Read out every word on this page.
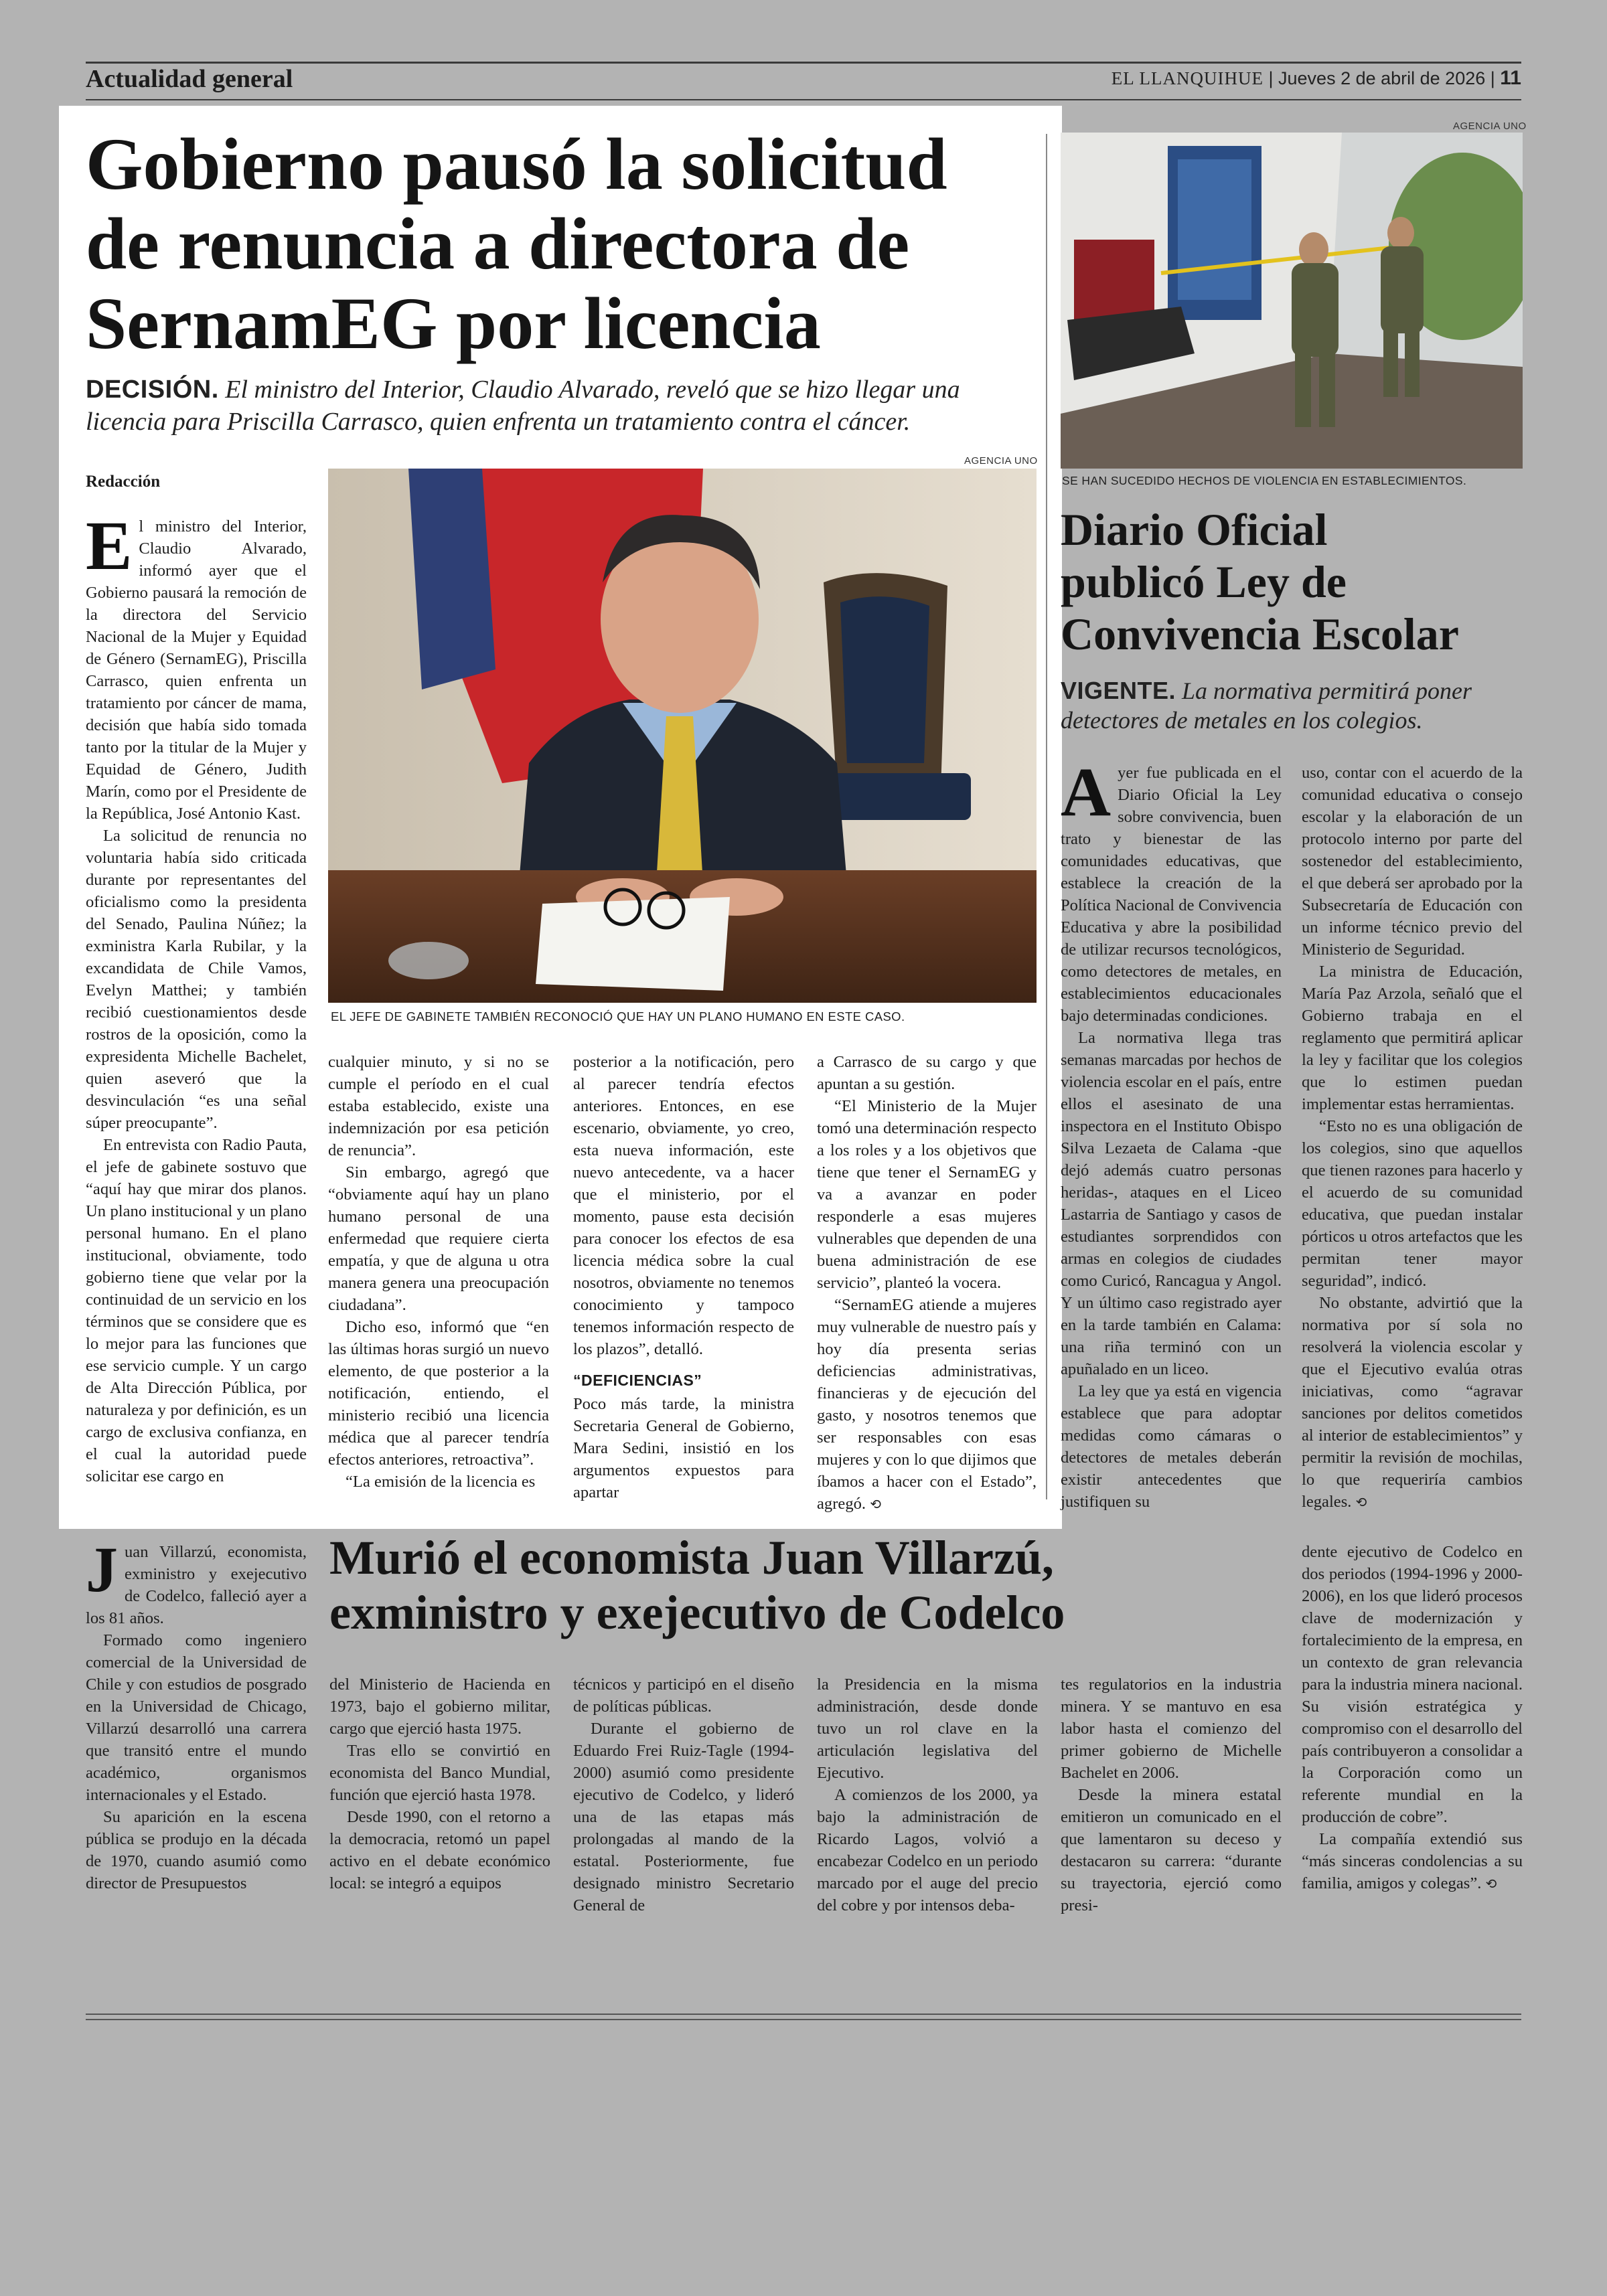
Actualidad general	EL LLANQUIHUE | Jueves 2 de abril de 2026 | 11
Gobierno pausó la solicitud
de renuncia a directora de
SernamEG por licencia
DECISIÓN. El ministro del Interior, Claudio Alvarado, reveló que se hizo llegar una
licencia para Priscilla Carrasco, quien enfrenta un tratamiento contra el cáncer.
Redacción
AGENCIA UNO
EL JEFE DE GABINETE TAMBIÉN RECONOCIÓ QUE HAY UN PLANO HUMANO EN ESTE CASO.

El ministro del Interior, Claudio Alvarado, informó ayer que el Gobierno pausará la remoción de la directora del Servicio Nacional de la Mujer y Equidad de Género (SernamEG), Priscilla Carrasco, quien enfrenta un tratamiento por cáncer de mama, decisión que había sido tomada tanto por la titular de la Mujer y Equidad de Género, Judith Marín, como por el Presidente de la República, José Antonio Kast.

La solicitud de renuncia no voluntaria había sido criticada durante por representantes del oficialismo como la presidenta del Senado, Paulina Núñez; la exministra Karla Rubilar, y la excandidata de Chile Vamos, Evelyn Matthei; y también recibió cuestionamientos desde rostros de la oposición, como la expresidenta Michelle Bachelet, quien aseveró que la desvinculación “es una señal súper preocupante”.

En entrevista con Radio Pauta, el jefe de gabinete sostuvo que “aquí hay que mirar dos planos. Un plano institucional y un plano personal humano. En el plano institucional, obviamente, todo gobierno tiene que velar por la continuidad de un servicio en los términos que se considere que es lo mejor para las funciones que ese servicio cumple. Y un cargo de Alta Dirección Pública, por naturaleza y por definición, es un cargo de exclusiva confianza, en el cual la autoridad puede solicitar ese cargo en

cualquier minuto, y si no se cumple el período en el cual estaba establecido, existe una indemnización por esa petición de renuncia”.

Sin embargo, agregó que “obviamente aquí hay un plano humano personal de una enfermedad que requiere cierta empatía, y que de alguna u otra manera genera una preocupación ciudadana”.

Dicho eso, informó que “en las últimas horas surgió un nuevo elemento, de que posterior a la notificación, entiendo, el ministerio recibió una licencia médica que al parecer tendría efectos anteriores, retroactiva”.

“La emisión de la licencia es

posterior a la notificación, pero al parecer tendría efectos anteriores. Entonces, en ese escenario, obviamente, yo creo, esta nueva información, este nuevo antecedente, va a hacer que el ministerio, por el momento, pause esta decisión para conocer los efectos de esa licencia médica sobre la cual nosotros, obviamente no tenemos conocimiento y tampoco tenemos información respecto de los plazos”, detalló.

“DEFICIENCIAS”

Poco más tarde, la ministra Secretaria General de Gobierno, Mara Sedini, insistió en los argumentos expuestos para apartar

a Carrasco de su cargo y que apuntan a su gestión.

“El Ministerio de la Mujer tomó una determinación respecto a los roles y a los objetivos que tiene que tener el SernamEG y va a avanzar en poder responderle a esas mujeres vulnerables que dependen de una buena administración de ese servicio”, planteó la vocera.

“SernamEG atiende a mujeres muy vulnerable de nuestro país y hoy día presenta serias deficiencias administrativas, financieras y de ejecución del gasto, y nosotros tenemos que ser responsables con esas mujeres y con lo que dijimos que íbamos a hacer con el Estado”, agregó. ⟲

AGENCIA UNO
SE HAN SUCEDIDO HECHOS DE VIOLENCIA EN ESTABLECIMIENTOS.
Diario Oficial
publicó Ley de
Convivencia Escolar
VIGENTE. La normativa permitirá poner
detectores de metales en los colegios.

Ayer fue publicada en el Diario Oficial la Ley sobre convivencia, buen trato y bienestar de las comunidades educativas, que establece la creación de la Política Nacional de Convivencia Educativa y abre la posibilidad de utilizar recursos tecnológicos, como detectores de metales, en establecimientos educacionales bajo determinadas condiciones.

La normativa llega tras semanas marcadas por hechos de violencia escolar en el país, entre ellos el asesinato de una inspectora en el Instituto Obispo Silva Lezaeta de Calama -que dejó además cuatro personas heridas-, ataques en el Liceo Lastarria de Santiago y casos de estudiantes sorprendidos con armas en colegios de ciudades como Curicó, Rancagua y Angol. Y un último caso registrado ayer en la tarde también en Calama: una riña terminó con un apuñalado en un liceo.

La ley que ya está en vigencia establece que para adoptar medidas como cámaras o detectores de metales deberán existir antecedentes que justifiquen su

uso, contar con el acuerdo de la comunidad educativa o consejo escolar y la elaboración de un protocolo interno por parte del sostenedor del establecimiento, el que deberá ser aprobado por la Subsecretaría de Educación con un informe técnico previo del Ministerio de Seguridad.

La ministra de Educación, María Paz Arzola, señaló que el Gobierno trabaja en el reglamento que permitirá aplicar la ley y facilitar que los colegios que lo estimen puedan implementar estas herramientas.

“Esto no es una obligación de los colegios, sino que aquellos que tienen razones para hacerlo y el acuerdo de su comunidad educativa, que puedan instalar pórticos u otros artefactos que les permitan tener mayor seguridad”, indicó.

No obstante, advirtió que la normativa por sí sola no resolverá la violencia escolar y que el Ejecutivo evalúa otras iniciativas, como “agravar sanciones por delitos cometidos al interior de establecimientos” y permitir la revisión de mochilas, lo que requeriría cambios legales. ⟲

Murió el economista Juan Villarzú,
exministro y exejecutivo de Codelco

Juan Villarzú, economista, exministro y exejecutivo de Codelco, falleció ayer a los 81 años.

Formado como ingeniero comercial de la Universidad de Chile y con estudios de posgrado en la Universidad de Chicago, Villarzú desarrolló una carrera que transitó entre el mundo académico, organismos internacionales y el Estado.

Su aparición en la escena pública se produjo en la década de 1970, cuando asumió como director de Presupuestos

del Ministerio de Hacienda en 1973, bajo el gobierno militar, cargo que ejerció hasta 1975.

Tras ello se convirtió en economista del Banco Mundial, función que ejerció hasta 1978.

Desde 1990, con el retorno a la democracia, retomó un papel activo en el debate económico local: se integró a equipos

técnicos y participó en el diseño de políticas públicas.

Durante el gobierno de Eduardo Frei Ruiz-Tagle (1994-2000) asumió como presidente ejecutivo de Codelco, y lideró una de las etapas más prolongadas al mando de la estatal. Posteriormente, fue designado ministro Secretario General de

la Presidencia en la misma administración, desde donde tuvo un rol clave en la articulación legislativa del Ejecutivo.

A comienzos de los 2000, ya bajo la administración de Ricardo Lagos, volvió a encabezar Codelco en un periodo marcado por el auge del precio del cobre y por intensos deba-

tes regulatorios en la industria minera. Y se mantuvo en esa labor hasta el comienzo del primer gobierno de Michelle Bachelet en 2006.

Desde la minera estatal emitieron un comunicado en el que lamentaron su deceso y destacaron su carrera: “durante su trayectoria, ejerció como presi-

dente ejecutivo de Codelco en dos periodos (1994-1996 y 2000-2006), en los que lideró procesos clave de modernización y fortalecimiento de la empresa, en un contexto de gran relevancia para la industria minera nacional. Su visión estratégica y compromiso con el desarrollo del país contribuyeron a consolidar a la Corporación como un referente mundial en la producción de cobre”.

La compañía extendió sus “más sinceras condolencias a su familia, amigos y colegas”. ⟲
